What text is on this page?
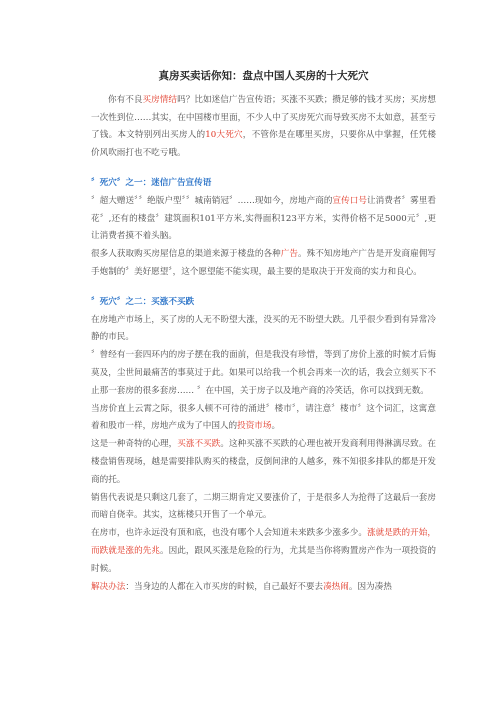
真房买卖话你知：盘点中国人买房的十大死穴

你有不良买房情结吗？比如迷信广告宣传语；买涨不买跌；攒足够的钱才买房；买房想一次性到位……其实，在中国楼市里面，不少人中了买房死穴而导致买房不太如意，甚至亏了钱。本文特别列出买房人的10大死穴，不管你是在哪里买房，只要你从中掌握，任凭楼价风吹雨打也不吃亏哦。

〞死穴〞之一：迷信广告宣传语

〞超大赠送〞〞绝版户型〞〞城南销冠〞……现如今，房地产商的宣传口号让消费者〞雾里看花〞,还有的楼盘〞建筑面积101平方米,实得面积123平方米，实得价格不足5000元〞,更让消费者摸不着头脑。

很多人获取购买房屋信息的渠道来源于楼盘的各种广告。殊不知房地产广告是开发商雇佣写手炮制的〞美好愿望〞，这个愿望能不能实现，最主要的是取决于开发商的实力和良心。

〞死穴〞之二：买涨不买跌

在房地产市场上，买了房的人无不盼望大涨，没买的无不盼望大跌。几乎很少看到有异常冷静的市民。

〞曾经有一套四环内的房子摆在我的面前，但是我没有珍惜，等到了房价上涨的时候才后悔莫及，尘世间最痛苦的事莫过于此。如果可以给我一个机会再来一次的话，我会立刻买下不止那一套房的很多套房…… 〞在中国，关于房子以及地产商的冷笑话，你可以找到无数。

当房价直上云霄之际，很多人顿不可待的涌进〞楼市〞，请注意〞楼市〞这个词汇，这寓意着和股市一样，房地产成为了中国人的投资市场。

这是一种奇特的心理，买涨不买跌。这种买涨不买跌的心理也被开发商利用得淋漓尽致。在楼盘销售现场，越是需要排队购买的楼盘，反倒间津的人越多，殊不知很多排队的都是开发商的托。

销售代表说是只剩这几套了，二期三期肯定又要涨价了，于是很多人为抢得了这最后一套房而暗自侥幸。其实，这栋楼只开售了一个单元。

在房市，也许永远没有顶和底，也没有哪个人会知道未来跌多少涨多少。涨就是跌的开始，而跌就是涨的先兆。因此，跟风买涨是危险的行为，尤其是当你将购置房产作为一项投资的时候。

解决办法：当身边的人都在入市买房的时候，自己最好不要去凑热闹。因为凑热
